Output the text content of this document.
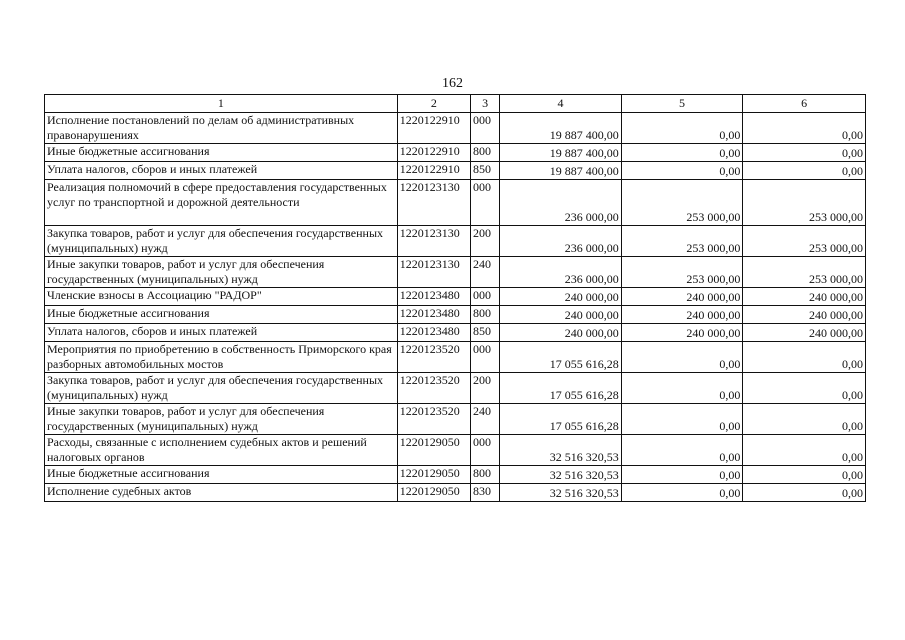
162
1	2	3	4	5	6
Исполнение постановлений по делам об административных правонарушениях	1220122910	000	19 887 400,00	0,00	0,00
Иные бюджетные ассигнования	1220122910	800	19 887 400,00	0,00	0,00
Уплата налогов, сборов и иных платежей	1220122910	850	19 887 400,00	0,00	0,00
Реализация полномочий в сфере предоставления государственных услуг по транспортной и дорожной деятельности	1220123130	000	236 000,00	253 000,00	253 000,00
Закупка товаров, работ и услуг для обеспечения государственных (муниципальных) нужд	1220123130	200	236 000,00	253 000,00	253 000,00
Иные закупки товаров, работ и услуг для обеспечения государственных (муниципальных) нужд	1220123130	240	236 000,00	253 000,00	253 000,00
Членские взносы в Ассоциацию "РАДОР"	1220123480	000	240 000,00	240 000,00	240 000,00
Иные бюджетные ассигнования	1220123480	800	240 000,00	240 000,00	240 000,00
Уплата налогов, сборов и иных платежей	1220123480	850	240 000,00	240 000,00	240 000,00
Мероприятия по приобретению в собственность Приморского края разборных автомобильных мостов	1220123520	000	17 055 616,28	0,00	0,00
Закупка товаров, работ и услуг для обеспечения государственных (муниципальных) нужд	1220123520	200	17 055 616,28	0,00	0,00
Иные закупки товаров, работ и услуг для обеспечения государственных (муниципальных) нужд	1220123520	240	17 055 616,28	0,00	0,00
Расходы, связанные с исполнением судебных актов и решений налоговых органов	1220129050	000	32 516 320,53	0,00	0,00
Иные бюджетные ассигнования	1220129050	800	32 516 320,53	0,00	0,00
Исполнение судебных актов	1220129050	830	32 516 320,53	0,00	0,00
